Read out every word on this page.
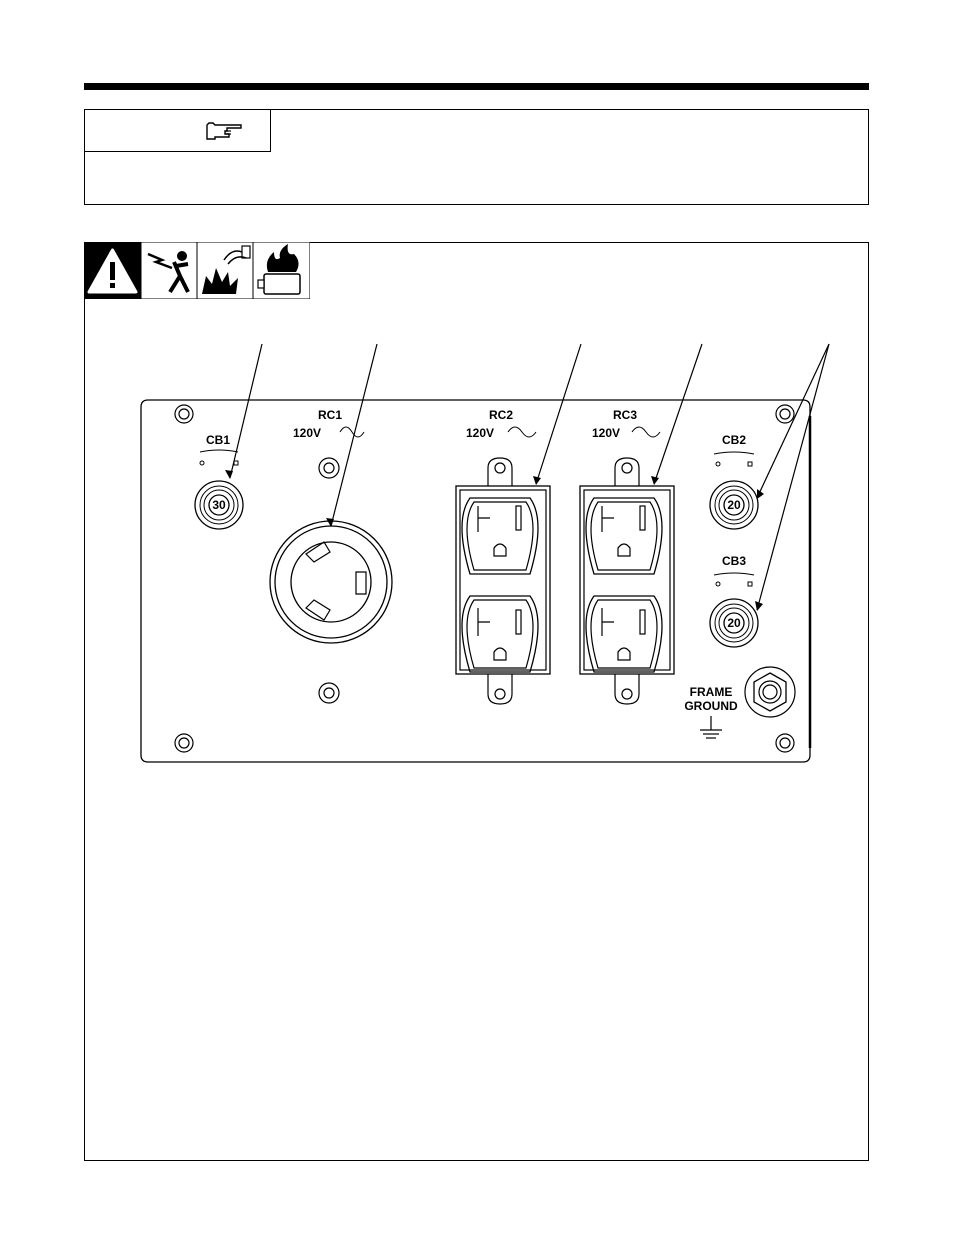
CB1
30
RC1
120V
RC2
120V
RC3
120V	CB2
20
CB3
20
FRAME
GROUND
